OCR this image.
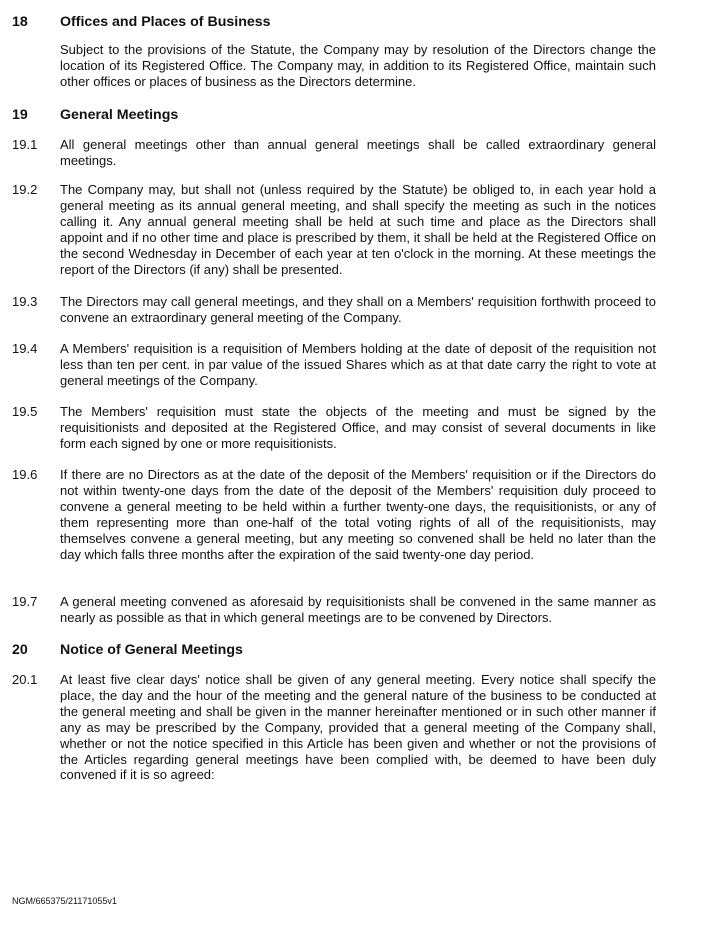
18 Offices and Places of Business
Subject to the provisions of the Statute, the Company may by resolution of the Directors change the location of its Registered Office. The Company may, in addition to its Registered Office, maintain such other offices or places of business as the Directors determine.
19 General Meetings
19.1	All general meetings other than annual general meetings shall be called extraordinary general meetings.
19.2	The Company may, but shall not (unless required by the Statute) be obliged to, in each year hold a general meeting as its annual general meeting, and shall specify the meeting as such in the notices calling it. Any annual general meeting shall be held at such time and place as the Directors shall appoint and if no other time and place is prescribed by them, it shall be held at the Registered Office on the second Wednesday in December of each year at ten o'clock in the morning. At these meetings the report of the Directors (if any) shall be presented.
19.3	The Directors may call general meetings, and they shall on a Members' requisition forthwith proceed to convene an extraordinary general meeting of the Company.
19.4	A Members' requisition is a requisition of Members holding at the date of deposit of the requisition not less than ten per cent. in par value of the issued Shares which as at that date carry the right to vote at general meetings of the Company.
19.5	The Members' requisition must state the objects of the meeting and must be signed by the requisitionists and deposited at the Registered Office, and may consist of several documents in like form each signed by one or more requisitionists.
19.6	If there are no Directors as at the date of the deposit of the Members' requisition or if the Directors do not within twenty-one days from the date of the deposit of the Members' requisition duly proceed to convene a general meeting to be held within a further twenty-one days, the requisitionists, or any of them representing more than one-half of the total voting rights of all of the requisitionists, may themselves convene a general meeting, but any meeting so convened shall be held no later than the day which falls three months after the expiration of the said twenty-one day period.
19.7	A general meeting convened as aforesaid by requisitionists shall be convened in the same manner as nearly as possible as that in which general meetings are to be convened by Directors.
20 Notice of General Meetings
20.1	At least five clear days' notice shall be given of any general meeting. Every notice shall specify the place, the day and the hour of the meeting and the general nature of the business to be conducted at the general meeting and shall be given in the manner hereinafter mentioned or in such other manner if any as may be prescribed by the Company, provided that a general meeting of the Company shall, whether or not the notice specified in this Article has been given and whether or not the provisions of the Articles regarding general meetings have been complied with, be deemed to have been duly convened if it is so agreed:
NGM/665375/21171055v1
